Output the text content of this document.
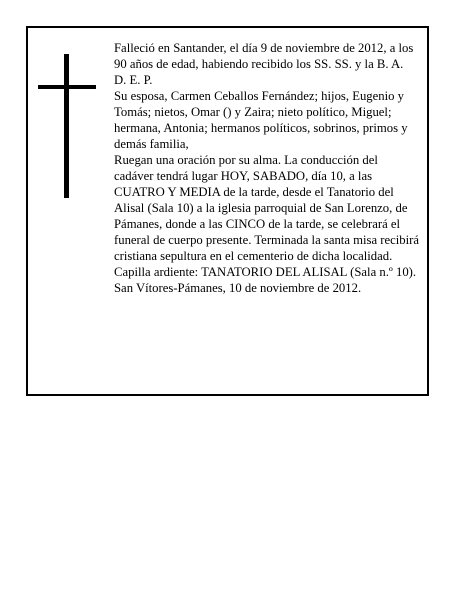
Falleció en Santander, el día 9 de noviembre de 2012, a los 90 años de edad, habiendo recibido los SS. SS. y la B. A.

D. E. P.

Su esposa, Carmen Ceballos Fernández; hijos, Eugenio y Tomás; nietos, Omar () y Zaira; nieto político, Miguel; hermana, Antonia; hermanos políticos, sobrinos, primos y demás familia,

Ruegan una oración por su alma. La conducción del cadáver tendrá lugar HOY, SABADO, día 10, a las CUATRO Y MEDIA de la tarde, desde el Tanatorio del Alisal (Sala 10) a la iglesia parroquial de San Lorenzo, de Pámanes, donde a las CINCO de la tarde, se celebrará el funeral de cuerpo presente. Terminada la santa misa recibirá cristiana sepultura en el cementerio de dicha localidad. Capilla ardiente: TANATORIO DEL ALISAL (Sala n.º 10).

San Vítores-Pámanes, 10 de noviembre de 2012.
